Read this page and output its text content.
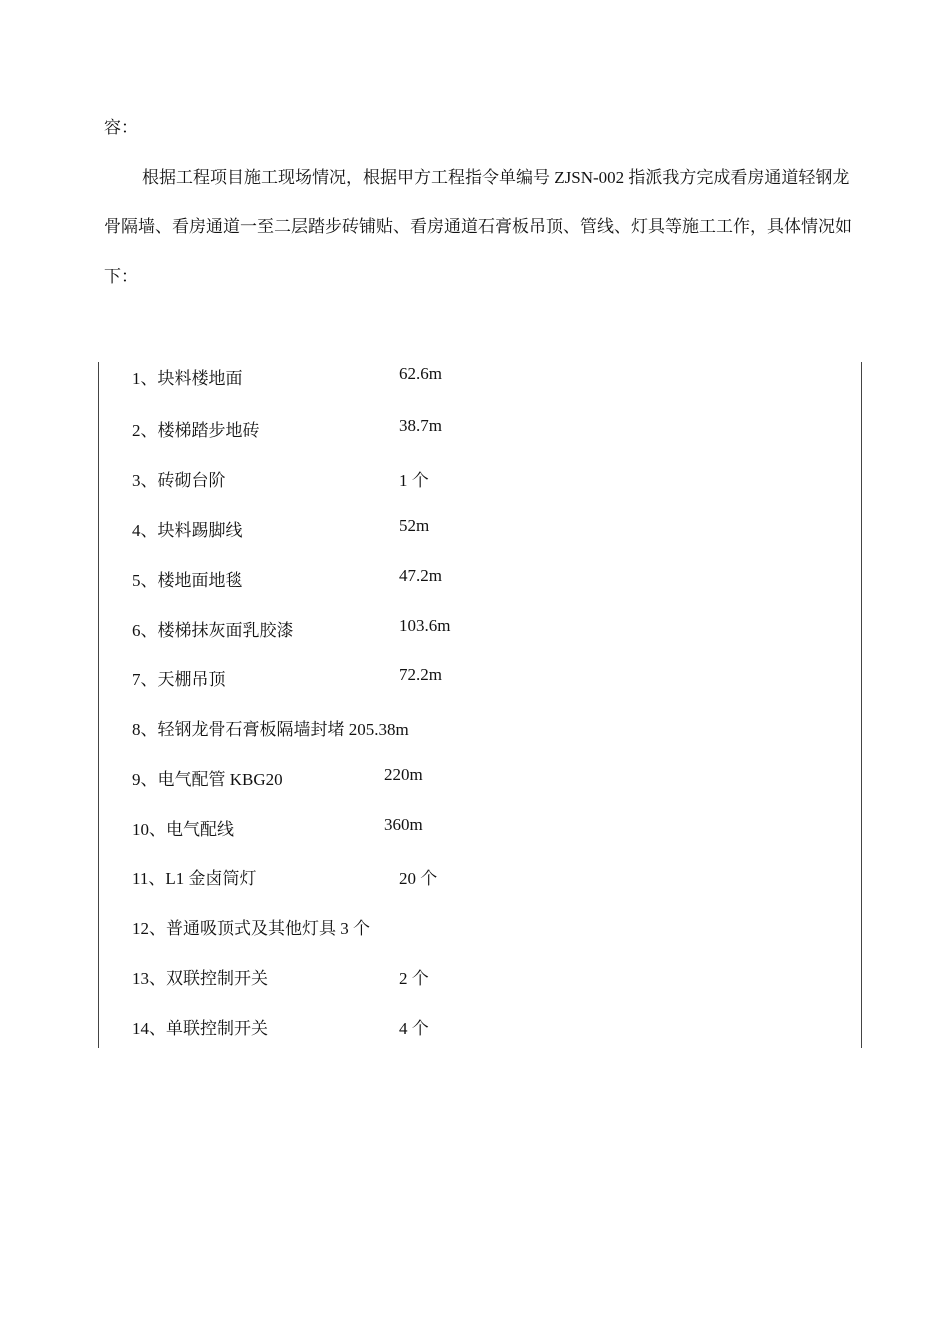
容：
根据工程项目施工现场情况，根据甲方工程指令单编号 ZJSN-002 指派我方完成看房通道轻钢龙
骨隔墙、看房通道一至二层踏步砖铺贴、看房通道石膏板吊顶、管线、灯具等施工工作，具体情况如
下：
1、块料楼地面	62.6m
2、楼梯踏步地砖	38.7m
3、砖砌台阶	1 个
4、块料踢脚线	52m
5、楼地面地毯	47.2m
6、楼梯抹灰面乳胶漆	103.6m
7、天棚吊顶	72.2m
8、轻钢龙骨石膏板隔墙封堵 205.38m
9、电气配管 KBG20	220m
10、电气配线	360m
11、L1 金卤筒灯	20 个
12、普通吸顶式及其他灯具 3 个
13、双联控制开关	2 个
14、单联控制开关	4 个
